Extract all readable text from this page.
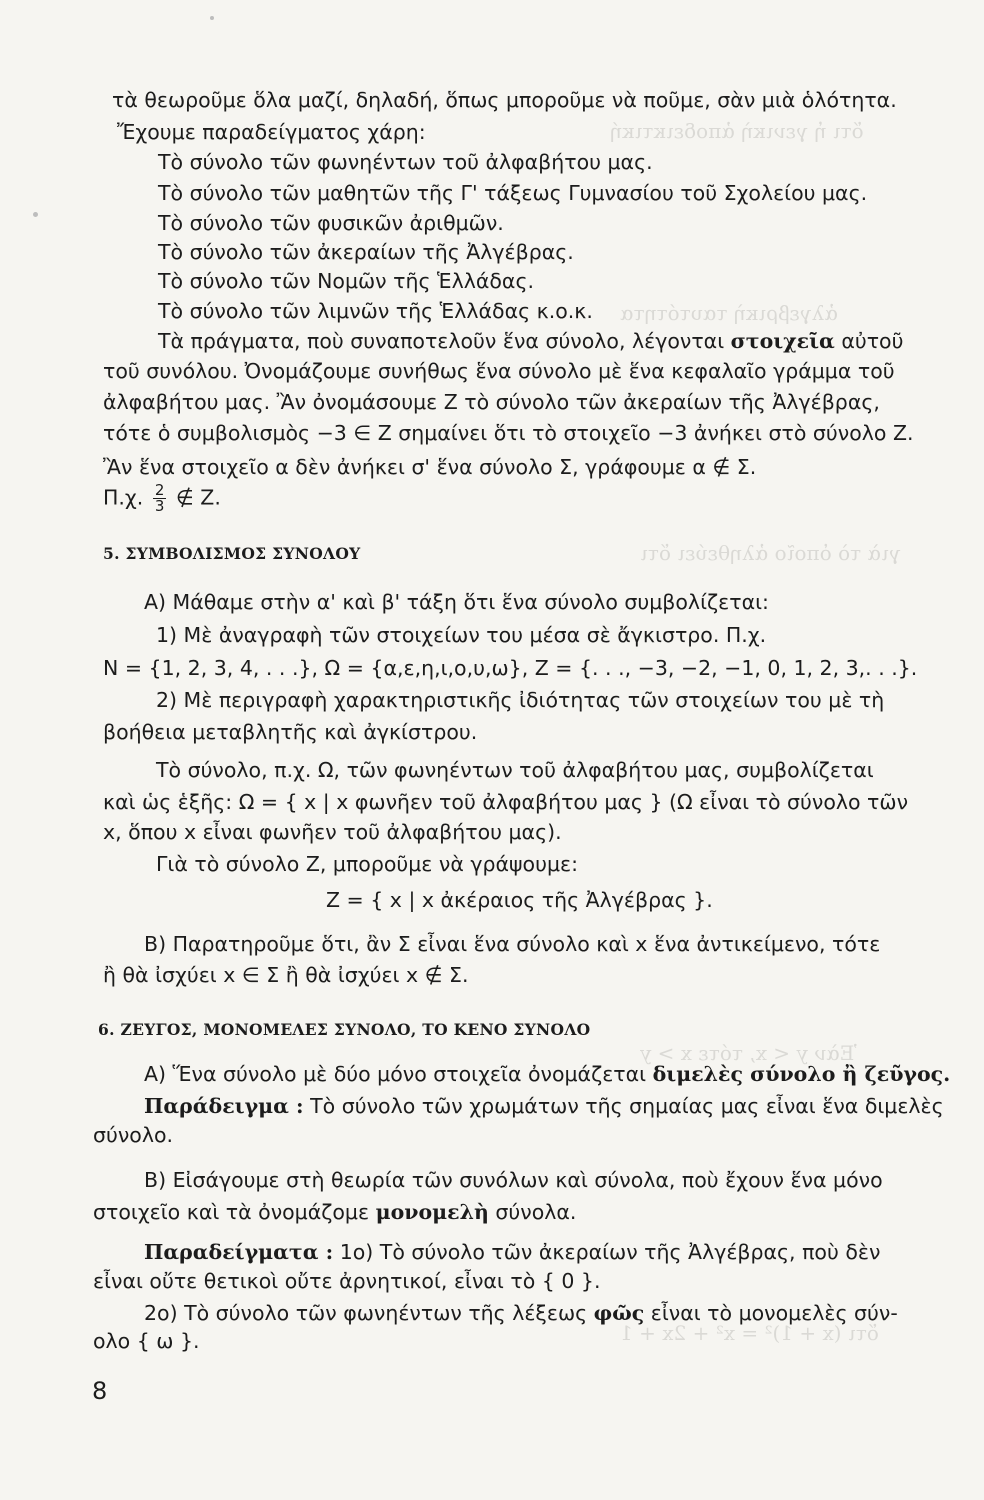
ὅτι ἡ γενικὴ ἀποδεικτική
ἀλγεβρικὴ ταυτότητα
γιὰ τὸ ὁποῖο ἀληθεύει ὅτι
Ἐὰν y < x, τότε x > y
ὅτι (x + 1)² = x² + 2x + 1
τὰ θεωροῦμε ὅλα μαζί, δηλαδή, ὅπως μποροῦμε νὰ ποῦμε, σὰν μιὰ ὁλότητα.
Ἔχουμε παραδείγματος χάρη:
Τὸ σύνολο τῶν φωνηέντων τοῦ ἀλφαβήτου μας.
Τὸ σύνολο τῶν μαθητῶν τῆς Γ' τάξεως Γυμνασίου τοῦ Σχολείου μας.
Τὸ σύνολο τῶν φυσικῶν ἀριθμῶν.
Τὸ σύνολο τῶν ἀκεραίων τῆς Ἀλγέβρας.
Τὸ σύνολο τῶν Νομῶν τῆς Ἑλλάδας.
Τὸ σύνολο τῶν λιμνῶν τῆς Ἑλλάδας κ.ο.κ.
Τὰ πράγματα, ποὺ συναποτελοῦν ἕνα σύνολο, λέγονται στοιχεῖα αὐτοῦ
τοῦ συνόλου. Ὀνομάζουμε συνήθως ἕνα σύνολο μὲ ἕνα κεφαλαῖο γράμμα τοῦ
ἀλφαβήτου μας. Ἂν ὀνομάσουμε Ζ τὸ σύνολο τῶν ἀκεραίων τῆς Ἀλγέβρας,
τότε ὁ συμβολισμὸς −3 ∈ Ζ σημαίνει ὅτι τὸ στοιχεῖο −3 ἀνήκει στὸ σύνολο Ζ.
Ἂν ἕνα στοιχεῖο α δὲν ἀνήκει σ' ἕνα σύνολο Σ, γράφουμε α ∉ Σ.
Π.χ. $\frac{2}{3}$ ∉ Ζ.
5. ΣΥΜΒΟΛΙΣΜΟΣ ΣΥΝΟΛΟΥ
Α) Μάθαμε στὴν α' καὶ β' τάξη ὅτι ἕνα σύνολο συμβολίζεται:
1) Μὲ ἀναγραφὴ τῶν στοιχείων του μέσα σὲ ἄγκιστρο. Π.χ.
N = {1, 2, 3, 4, . . .}, Ω = {α,ε,η,ι,ο,υ,ω}, Ζ = {. . ., −3, −2, −1, 0, 1, 2, 3,. . .}.
2) Μὲ περιγραφὴ χαρακτηριστικῆς ἰδιότητας τῶν στοιχείων του μὲ τὴ
βοήθεια μεταβλητῆς καὶ ἀγκίστρου.
Τὸ σύνολο, π.χ. Ω, τῶν φωνηέντων τοῦ ἀλφαβήτου μας, συμβολίζεται
καὶ ὡς ἑξῆς: Ω = { x | x φωνῆεν τοῦ ἀλφαβήτου μας } (Ω εἶναι τὸ σύνολο τῶν
x, ὅπου x εἶναι φωνῆεν τοῦ ἀλφαβήτου μας).
Γιὰ τὸ σύνολο Ζ, μποροῦμε νὰ γράψουμε:
Ζ = { x | x ἀκέραιος τῆς Ἀλγέβρας }.
Β) Παρατηροῦμε ὅτι, ἂν Σ εἶναι ἕνα σύνολο καὶ x ἕνα ἀντικείμενο, τότε
ἢ θὰ ἰσχύει x ∈ Σ ἢ θὰ ἰσχύει x ∉ Σ.
6. ΖΕΥΓΟΣ, ΜΟΝΟΜΕΛΕΣ ΣΥΝΟΛΟ, ΤΟ ΚΕΝΟ ΣΥΝΟΛΟ
Α) Ἕνα σύνολο μὲ δύο μόνο στοιχεῖα ὀνομάζεται διμελὲς σύνολο ἢ ζεῦγος.
Παράδειγμα : Τὸ σύνολο τῶν χρωμάτων τῆς σημαίας μας εἶναι ἕνα διμελὲς
σύνολο.
Β) Εἰσάγουμε στὴ θεωρία τῶν συνόλων καὶ σύνολα, ποὺ ἔχουν ἕνα μόνο
στοιχεῖο καὶ τὰ ὀνομάζομε μονομελὴ σύνολα.
Παραδείγματα : 1ο) Τὸ σύνολο τῶν ἀκεραίων τῆς Ἀλγέβρας, ποὺ δὲν
εἶναι οὔτε θετικοὶ οὔτε ἀρνητικοί, εἶναι τὸ { 0 }.
2ο) Τὸ σύνολο τῶν φωνηέντων τῆς λέξεως φῶς εἶναι τὸ μονομελὲς σύν-
ολο { ω }.
8
